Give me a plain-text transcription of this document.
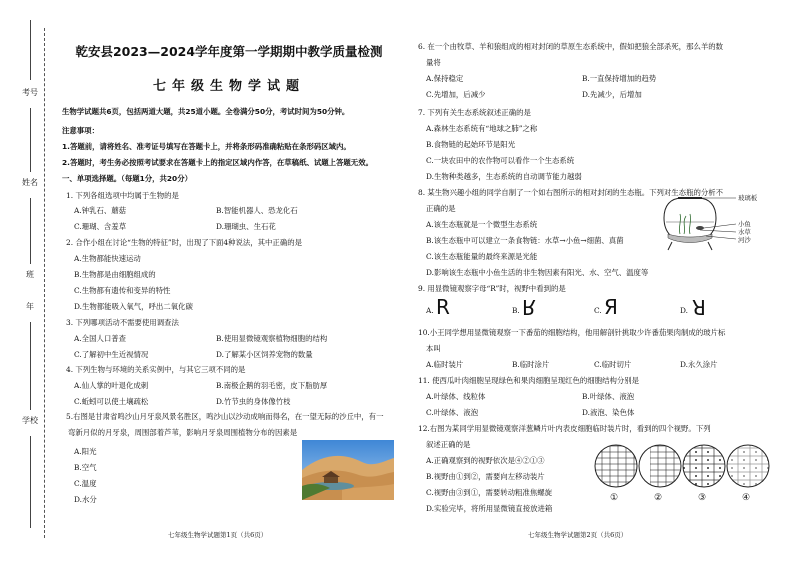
考号
姓名
班
年
学校
乾安县2023—2024学年度第一学期期中教学质量检测
七年级生物学试题
生物学试题共6页，包括两道大题，共25道小题。全卷满分50分，考试时间为50分钟。
注意事项：
1.答题前，请将姓名、准考证号填写在答题卡上，并将条形码准确粘贴在条形码区域内。
2.答题时，考生务必按照考试要求在答题卡上的指定区域内作答，在草稿纸、试题上答题无效。
一、单项选择题。（每题1分，共20分）
1. 下列各组选项中均属于生物的是
A.钟乳石、蘑菇	B.智能机器人、恐龙化石
C.珊瑚、含羞草	D.珊瑚虫、生石花
2. 合作小组在讨论“生物的特征”时，出现了下面4种说法，其中正确的是
A.生物都能快速运动
B.生物都是由细胞组成的
C.生物都有遗传和变异的特性
D.生物都能吸入氧气，呼出二氧化碳
3. 下列哪项活动不需要使用调查法
A.全国人口普查	B.使用显微镜观察植物细胞的结构
C.了解初中生近视情况	D.了解某小区饲养宠物的数量
4. 下列生物与环境的关系实例中，与其它三项不同的是
A.仙人掌的叶退化成刺	B.南极企鹅的羽毛密，皮下脂肪厚
C.蚯蚓可以使土壤疏松	D.竹节虫的身体像竹枝
5.右图是甘肃省鸣沙山月牙泉风景名胜区，鸣沙山以沙动成响而得名，在一望无际的沙丘中，有一
弯新月似的月牙泉，周围部着芦苇，影响月牙泉周围植物分布的因素是
A.阳光
B.空气
C.温度
D.水分
6. 在一个由牧草、羊和狼组成的相对封闭的草原生态系统中，假如把狼全部杀死，那么羊的数
量将
A.保持稳定	B.一直保持增加的趋势
C.先增加，后减少	D.先减少，后增加
7. 下列有关生态系统叙述正确的是
A.森林生态系统有“地球之肺”之称
B.食物链的起始环节是阳光
C.一块农田中的农作物可以看作一个生态系统
D.生物种类越多，生态系统的自动调节能力越弱
8. 某生物兴趣小组的同学自制了一个如右图所示的相对封闭的生态瓶。下列对生态瓶的分析不
正确的是
A.该生态瓶就是一个微型生态系统
B.该生态瓶中可以建立一条食物链：水草→小鱼→细菌、真菌
C.该生态瓶能量的最终来源是光能
D.影响该生态瓶中小鱼生活的非生物因素有阳光、水、空气、温度等
玻璃板
小鱼
水草
河沙
9. 用显微镜观察字母“R”时，视野中看到的是
A. R	B. R	C. Я	D. R
10.小王同学想用显微镜观察一下番茄的细胞结构，他用解剖针挑取少许番茄果肉制成的玻片标
本叫
A.临时装片	B.临时涂片	C.临时切片	D.永久涂片
11. 使西瓜叶肉细胞呈现绿色和果肉细胞呈现红色的细胞结构分别是
A.叶绿体、线粒体	B.叶绿体、液泡
C.叶绿体、液泡	D.液泡、染色体
12.右图为某同学用显微镜观察洋葱鳞片叶内表皮细胞临时装片时，看到的四个视野。下列
叙述正确的是
A.正确观察到的视野依次是④②①③
B.视野由①到②，需要向左移动装片
C.视野由③到①，需要转动粗准焦螺旋
D.实验完毕，将所用显微镜直接放进箱
①	②	③	④
七年级生物学试题第1页（共6页）	七年级生物学试题第2页（共6页）
